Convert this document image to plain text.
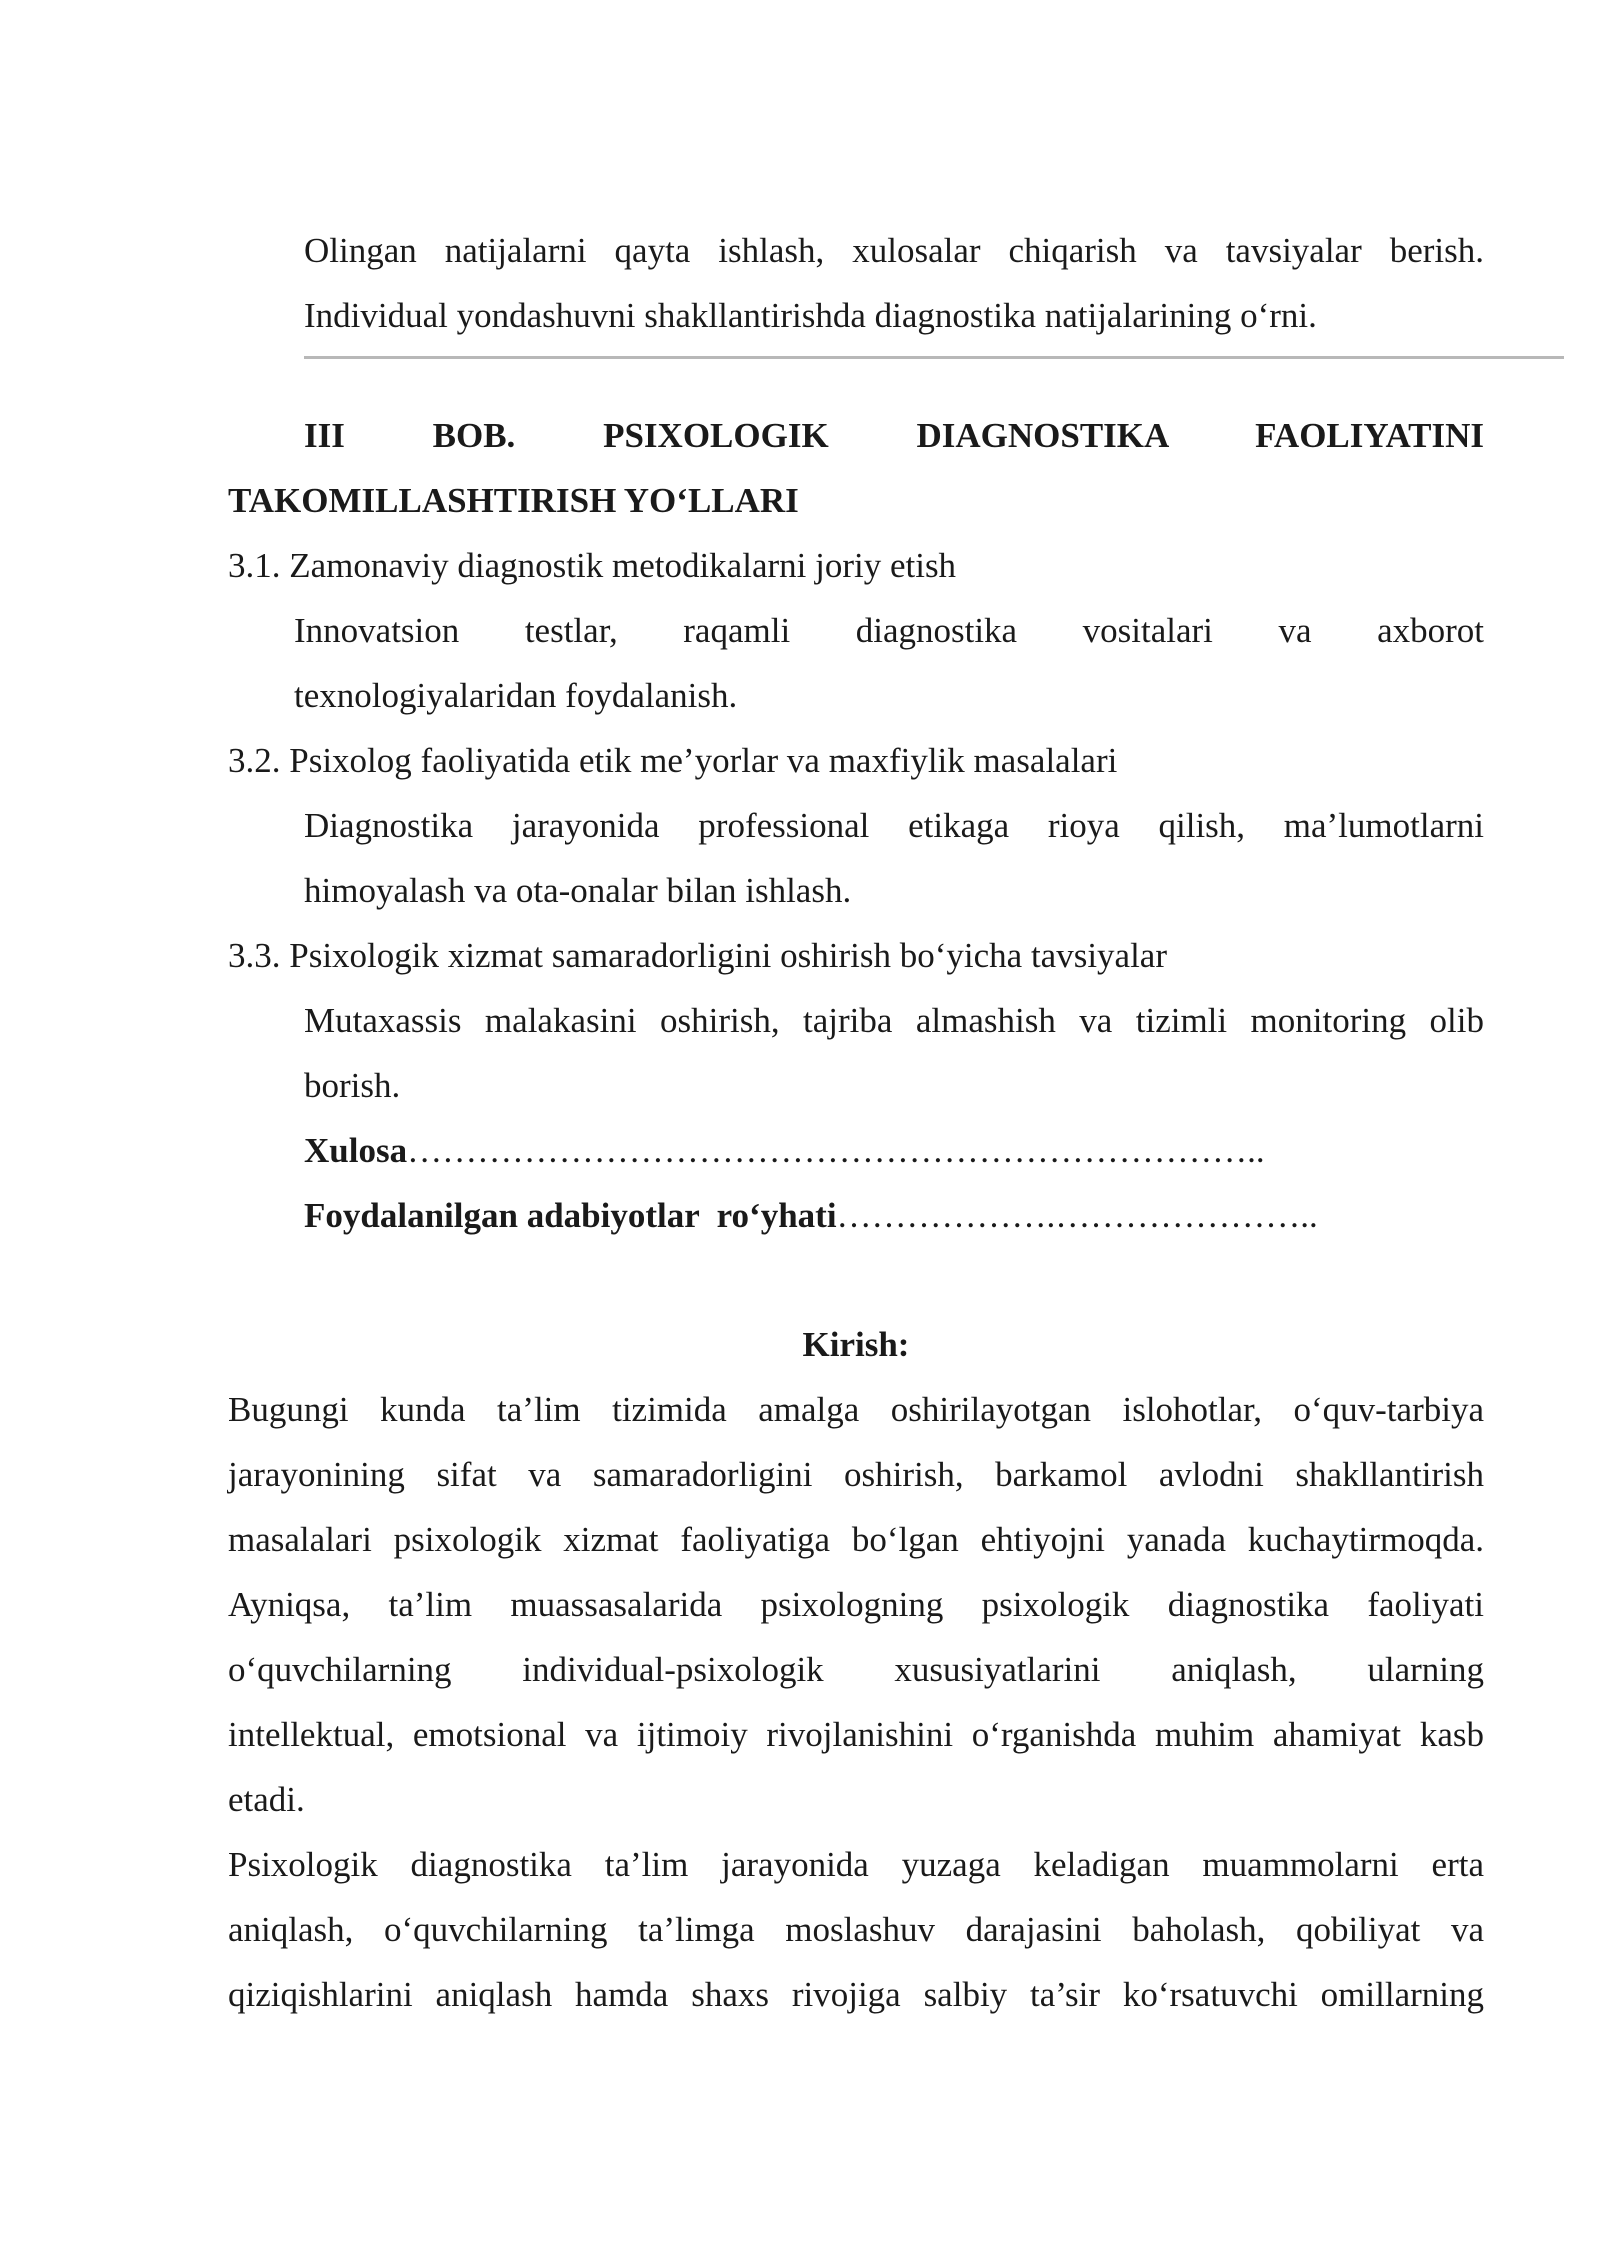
Olingan natijalarni qayta ishlash, xulosalar chiqarish va tavsiyalar berish.
Individual yondashuvni shakllantirishda diagnostika natijalarining o‘rni.
III BOB. PSIXOLOGIK DIAGNOSTIKA FAOLIYATINI
TAKOMILLASHTIRISH YO‘LLARI
3.1. Zamonaviy diagnostik metodikalarni joriy etish
Innovatsion testlar, raqamli diagnostika vositalari va axborot
texnologiyalaridan foydalanish.
3.2. Psixolog faoliyatida etik me’yorlar va maxfiylik masalalari
Diagnostika jarayonida professional etikaga rioya qilish, ma’lumotlarni
himoyalash va ota-onalar bilan ishlash.
3.3. Psixologik xizmat samaradorligini oshirish bo‘yicha tavsiyalar
Mutaxassis malakasini oshirish, tajriba almashish va tizimli monitoring olib
borish.
Xulosa………………………………………………………………..
Foydalanilgan adabiyotlar  ro‘yhati……………….…………………..
Kirish:
Bugungi kunda ta’lim tizimida amalga oshirilayotgan islohotlar, o‘quv-tarbiya
jarayonining sifat va samaradorligini oshirish, barkamol avlodni shakllantirish
masalalari psixologik xizmat faoliyatiga bo‘lgan ehtiyojni yanada kuchaytirmoqda.
Ayniqsa, ta’lim muassasalarida psixologning psixologik diagnostika faoliyati
o‘quvchilarning individual-psixologik xususiyatlarini aniqlash, ularning
intellektual, emotsional va ijtimoiy rivojlanishini o‘rganishda muhim ahamiyat kasb
etadi.
Psixologik diagnostika ta’lim jarayonida yuzaga keladigan muammolarni erta
aniqlash, o‘quvchilarning ta’limga moslashuv darajasini baholash, qobiliyat va
qiziqishlarini aniqlash hamda shaxs rivojiga salbiy ta’sir ko‘rsatuvchi omillarning
